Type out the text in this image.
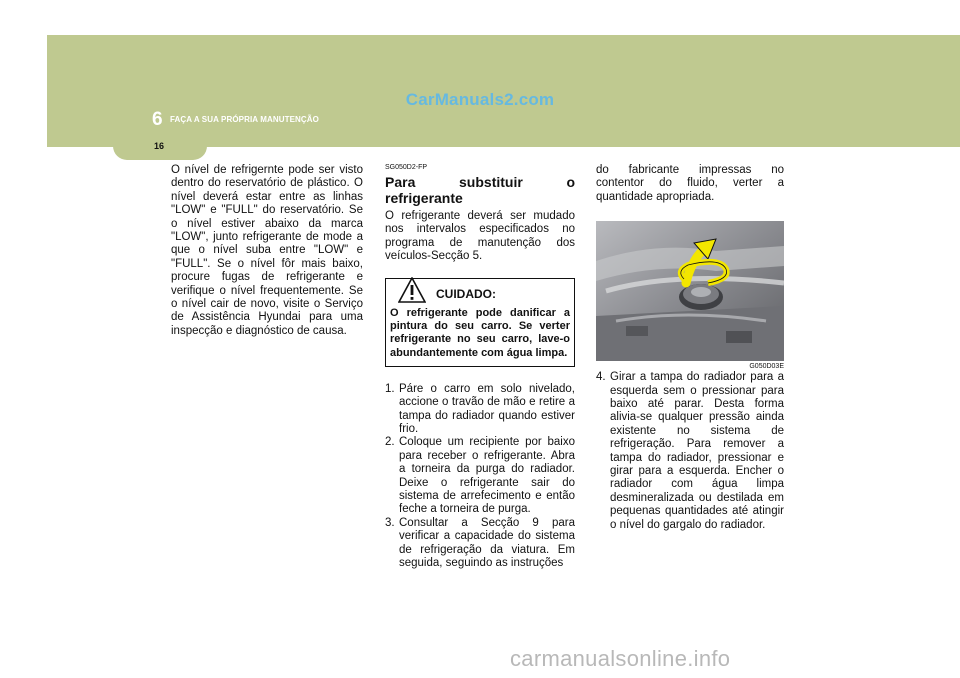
CarManuals2.com
6 FAÇA A SUA PRÓPRIA MANUTENÇÃO
16

O nível de refrigernte pode ser visto dentro do reservatório de plástico. O nível deverá estar entre as linhas "LOW" e "FULL" do reservatório. Se o nível estiver abaixo da marca "LOW", junto refrigerante de mode a que o nível suba entre "LOW" e "FULL". Se o nível fôr mais baixo, procure fugas de refrigerante e verifique o nível frequentemente. Se o nível cair de novo, visite o Serviço de Assistência Hyundai para uma inspecção e diagnóstico de causa.

SG050D2-FP
Para substituir o refrigerante

O refrigerante deverá ser mudado nos intervalos especificados no programa de manutenção dos veículos-Secção 5.

CUIDADO:
O refrigerante pode danificar a pintura do seu carro. Se verter refrigerante no seu carro, lave-o abundantemente com água limpa.
1. Páre o carro em solo nivelado, accione o travão de mão e retire a tampa do radiador quando estiver frio.
2. Coloque um recipiente por baixo para receber o refrigerante. Abra a torneira da purga do radiador. Deixe o refrigerante sair do sistema de arrefecimento e então feche a torneira de purga.
3. Consultar a Secção 9 para verificar a capacidade do sistema de refrigeração da viatura. Em seguida, seguindo as instruções

do fabricante impressas no contentor do fluido, verter a quantidade apropriada.

G050D03E

4. Girar a tampa do radiador para a esquerda sem o pressionar para baixo até parar. Desta forma alivia-se qualquer pressão ainda existente no sistema de refrigeração. Para remover a tampa do radiador, pressionar e girar para a esquerda. Encher o radiador com água limpa desmineralizada ou destilada em pequenas quantidades até atingir o nível do gargalo do radiador.

carmanualsonline.info
